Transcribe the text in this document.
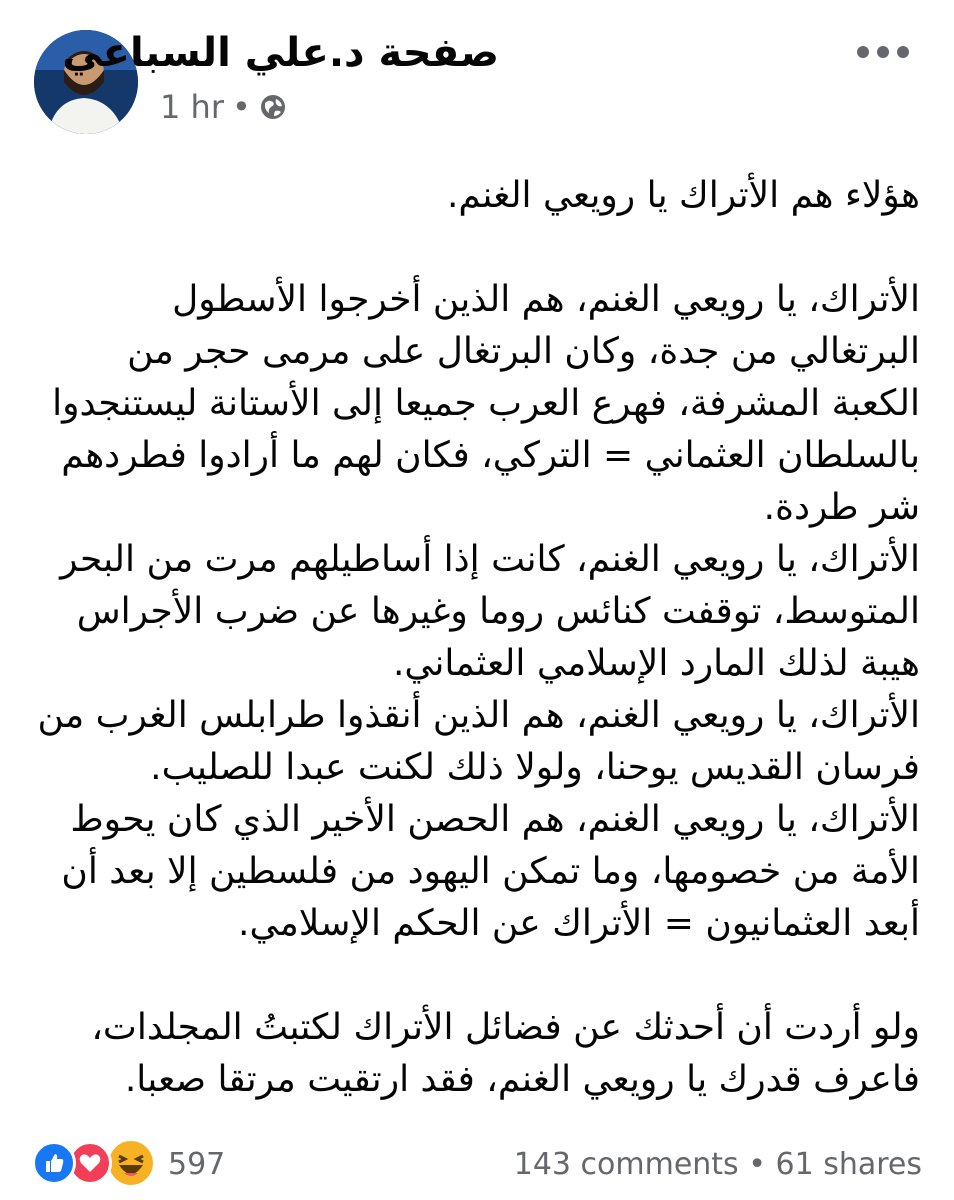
صفحة د.علي السباعي
1 hr •

هؤلاء هم الأتراك يا رويعي الغنم.

الأتراك، يا رويعي الغنم، هم الذين أخرجوا الأسطول البرتغالي من جدة، وكان البرتغال على مرمى حجر من الكعبة المشرفة، فهرع العرب جميعا إلى الأستانة ليستنجدوا بالسلطان العثماني = التركي، فكان لهم ما أرادوا فطردهم شر طردة.

الأتراك، يا رويعي الغنم، كانت إذا أساطيلهم مرت من البحر المتوسط، توقفت كنائس روما وغيرها عن ضرب الأجراس هيبة لذلك المارد الإسلامي العثماني.

الأتراك، يا رويعي الغنم، هم الذين أنقذوا طرابلس الغرب من فرسان القديس يوحنا، ولولا ذلك لكنت عبدا للصليب.

الأتراك، يا رويعي الغنم، هم الحصن الأخير الذي كان يحوط الأمة من خصومها، وما تمكن اليهود من فلسطين إلا بعد أن أبعد العثمانيون = الأتراك عن الحكم الإسلامي.

ولو أردت أن أحدثك عن فضائل الأتراك لكتبتُ المجلدات، فاعرف قدرك يا رويعي الغنم، فقد ارتقيت مرتقا صعبا.

597	143 comments • 61 shares
